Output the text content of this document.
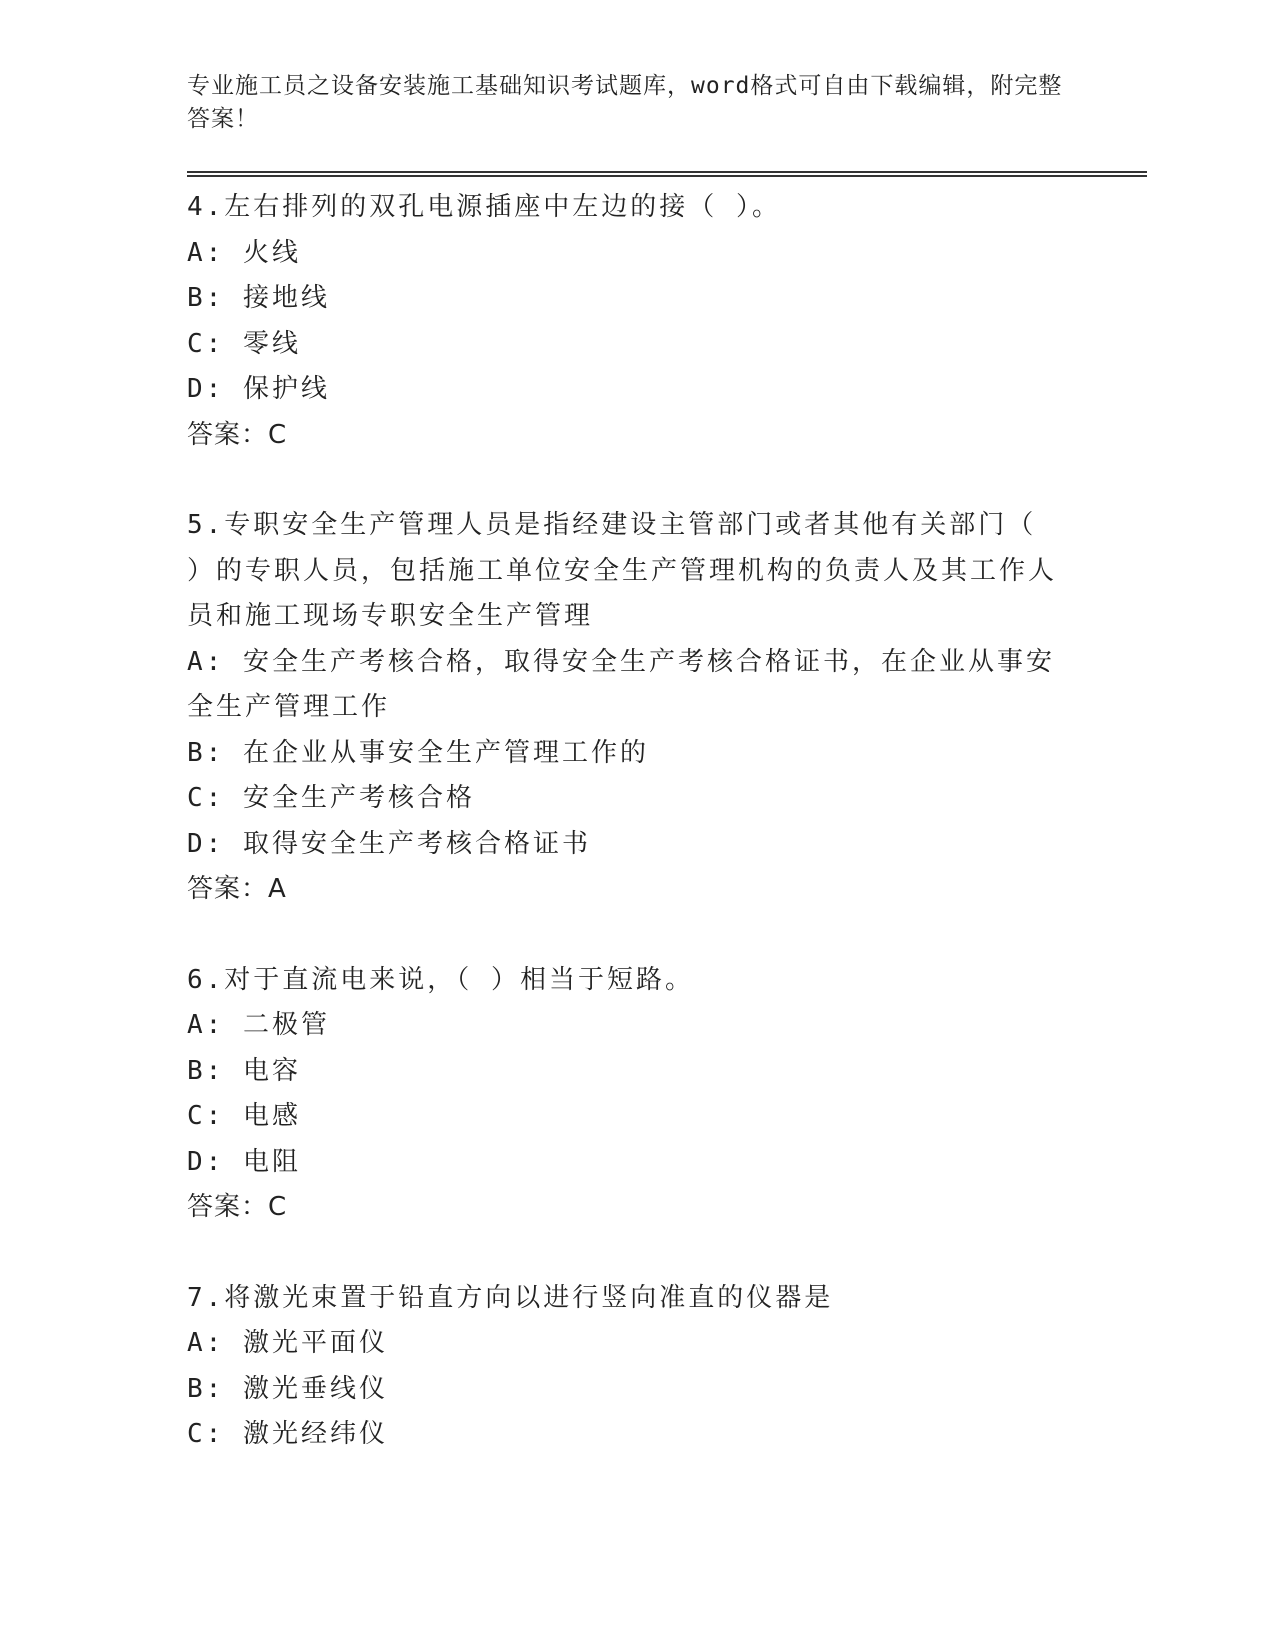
专业施工员之设备安装施工基础知识考试题库，word格式可自由下载编辑，附完整答案！

4.左右排列的双孔电源插座中左边的接（ ）。
A: 火线
B: 接地线
C: 零线
D: 保护线
答案：C
5.专职安全生产管理人员是指经建设主管部门或者其他有关部门（ ）的专职人员，包括施工单位安全生产管理机构的负责人及其工作人员和施工现场专职安全生产管理
A: 安全生产考核合格，取得安全生产考核合格证书，在企业从事安全生产管理工作
B: 在企业从事安全生产管理工作的
C: 安全生产考核合格
D: 取得安全生产考核合格证书
答案：A
6.对于直流电来说，（ ）相当于短路。
A: 二极管
B: 电容
C: 电感
D: 电阻
答案：C
7.将激光束置于铅直方向以进行竖向准直的仪器是
A: 激光平面仪
B: 激光垂线仪
C: 激光经纬仪
